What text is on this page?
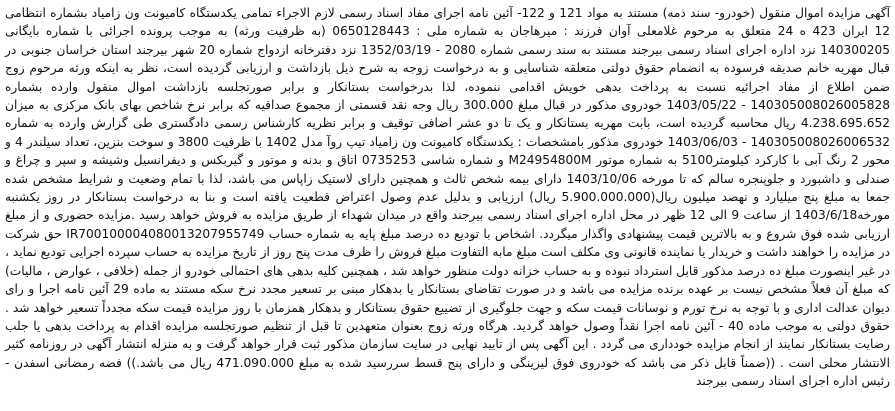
آگهی مزایده اموال منقول (خودرو- سند ذمه) مستند به مواد 121 و 122- آئین نامه اجرای مفاد اسناد رسمی لازم الاجراء تمامی یکدستگاه کامیونت ون زامیاد بشماره انتظامی 12 ایران 423 ه 24 متعلق به مرحوم غلامعلی آوان فرزند : میرهاجان به شماره ملی : 0650128443 (به ظرفیت ورثه) به موجب پرونده اجرائی با شماره بایگانی 140300205 نزد اداره اجرای اسناد رسمی بیرجند مستند به سند رسمی شماره 2080 - 1352/03/19 نزد دفترخانه ازدواج شماره 20 شهر بیرجند استان خراسان جنوبی در قبال مهریه خانم صدیقه فرسوده به انضمام حقوق دولتی متعلقه شناسایی و به درخواست زوجه به شرح ذیل بازداشت و ارزیابی گردیده است، نظر به اینکه ورثه مرحوم زوج ضمن اطلاع از مفاد اجرائیه نسبت به پرداخت بدهی خویش اقدامی ننموده، لذا بدرخواست بستانکار و برابر صورتجلسه بازداشت اموال منقول وارده بشماره 140305008026005828 - 1403/05/22 خودروی مذکور در قبال مبلغ 300.000 ریال وجه نقد قسمتی از مجموع صداقیه که برابر نرخ شاخص بهای بانک مرکزی به میزان 4.238.695.652 ریال محاسبه گردیده است، بابت مهریه بستانکار و یک تا دو عشر اضافی توقیف و برابر نظریه کارشناس رسمی دادگستری طی گزارش وارده به شماره 140305008026006532 - 1403/06/03 خودروی مذکور بامشخصات : یکدستگاه کامیونت ون زامیاد تیپ روآ مدل 1402 با ظرفیت 3800 و سوخت بنزین، تعداد سیلندر 4 و محور 2 رنگ آبی با کارکرد کیلومتر5100 به شماره موتور M24954800M و شماره شاسی 0735253 اتاق و بدنه و موتور و گیربکس و دیفرانسیل وشیشه و سپر و چراغ و صندلی و داشبورد و جلوپنجره سالم که تا مورخه 1403/10/06 دارای بیمه شخص ثالث و همچنین دارای لاستیک زاپاس می باشد، لذا با تمام وضعیت و شرایط مشخص شده جمعا به مبلغ پنج میلیارد و نهصد میلیون ریال(5.900.000.000 ریال) ارزیابی و بدلیل عدم وصول اعتراض قطعیت یافته است و بنا به درخواست بستانکار در روز یکشنبه مورخه1403/6/18 از ساعت 9 الی 12 ظهر در محل اداره اجرای اسناد رسمی بیرجند واقع در میدان شهداء از طریق مزایده به فروش خواهد رسید .مزایده حضوری و از مبلغ ارزیابی شده فوق شروع و به بالاترین قیمت پیشنهادی واگذار میگردد. اشخاص با تودیع ده درصد مبلغ پایه به شماره حساب IR700100004080013207955749 حق شرکت در مزایده را خواهند داشت و خریدار یا نماینده قانونی وی مکلف است مبلغ مابه التفاوت مبلغ فروش را ظرف مدت پنج روز از تاریخ مزایده به حساب سپرده اجرایی تودیع نماید ، در غیر اینصورت مبلغ ده درصد مذکور قابل استرداد نبوده و به حساب خزانه دولت منظور خواهد شد ، همچنین کلیه بدهی های احتمالی خودرو از جمله (خلافی ، عوارض ، مالیات) که مبلغ آن فعلاً مشخص نیست بر عهده برنده مزایده می باشد و در صورت تقاضای بستانکار یا بدهکار مبنی بر تسعیر مجدد نرخ سکه مستند به ماده 29 آئین نامه اجرا و رای دیوان عدالت اداری و با توجه به نرخ تورم و نوسانات قیمت سکه و جهت جلوگیری از تضییع حقوق بستانکار و بدهکار همزمان با روز مزایده قیمت سکه مجدداً تسعیر خواهد شد . حقوق دولتی به موجب ماده 40 - آئین نامه اجرا نقداً وصول خواهد گردید. هرگاه ورثه زوج بعنوان متعهدین تا قبل از تنظیم صورتجلسه مزایده اقدام به پرداخت بدهی یا جلب رضایت بستانکار نمایند از انجام مزایده خودداری می گردد . این آگهی پس از تایید نهایی در سایت سازمان مذکور ثبت قرار خواهد گرفت و به منزله انتشار آگهی در روزنامه کثیر الانتشار محلی است . ((ضمناً قابل ذکر می باشد که خودروی فوق لیزینگی و دارای پنج قسط سررسید شده به مبلغ 471.090.000 ریال می باشد.)) فضه رمضانی اسفدن - رئیس اداره اجرای اسناد رسمی بیرجند
